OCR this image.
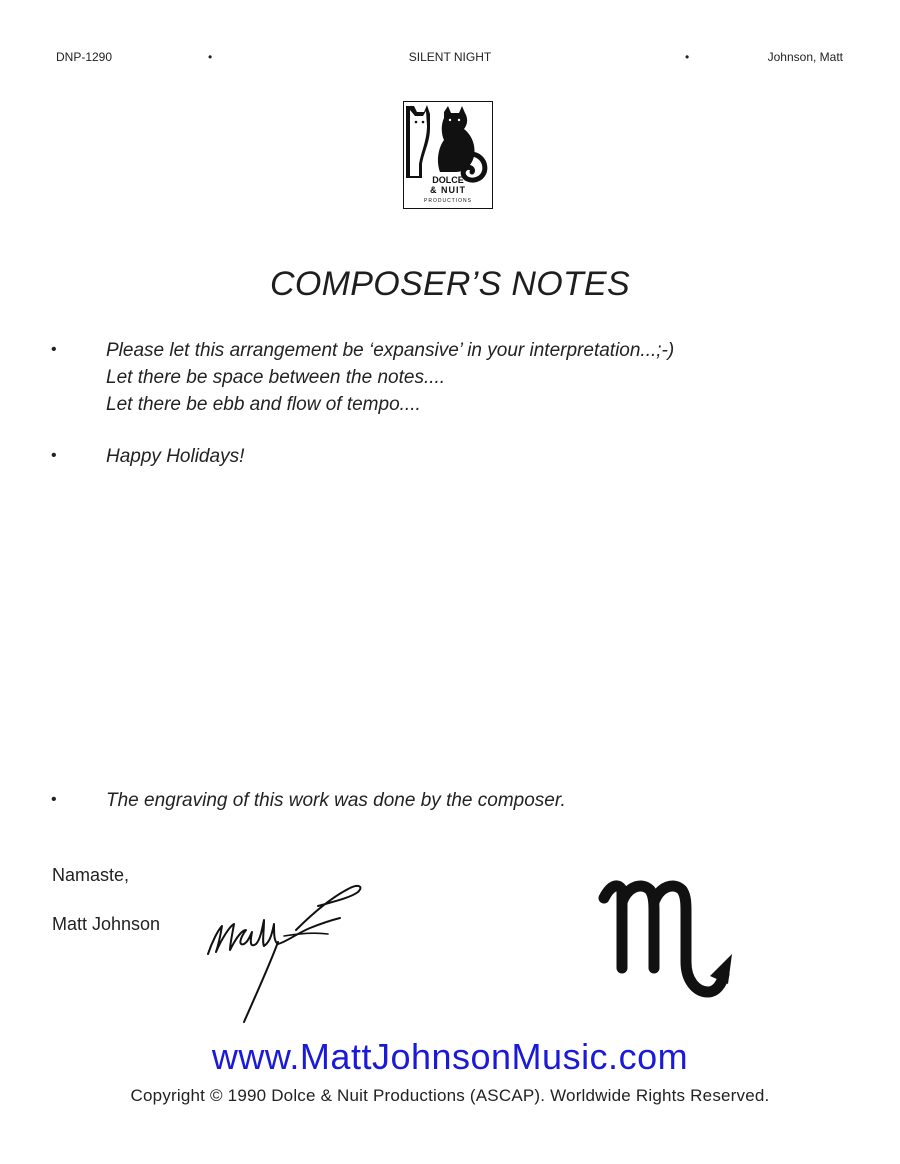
DNP-1290	•	SILENT NIGHT	•	Johnson, Matt
DOLCE
& NUIT
PRODUCTIONS
COMPOSER’S NOTES
•	Please let this arrangement be ‘expansive’ in your interpretation...;-)
Let there be space between the notes....
Let there be ebb and flow of tempo....
•	Happy Holidays!
•	The engraving of this work was done by the composer.
Namaste,
Matt Johnson
www.MattJohnsonMusic.com
Copyright © 1990 Dolce & Nuit Productions (ASCAP). Worldwide Rights Reserved.
